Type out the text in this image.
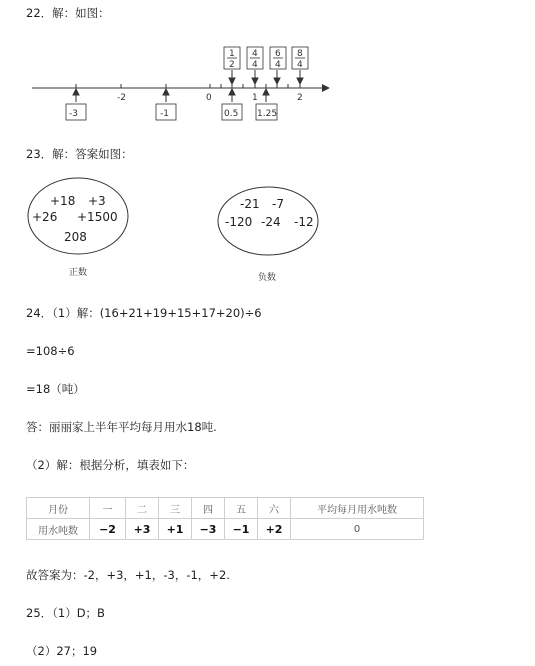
22．解：如图：
-2	0	1	2
-3	-1	0.5 1.25
1
2
4
4
6
4
8
4
23．解：答案如图：
+18 +3
+26 +1500
208
-21 -7
-120 -24 -12
正数	负数
24．（1）解：(16+21+19+15+17+20)÷6
=108÷6
=18（吨）
答：丽丽家上半年平均每月用水18吨.
（2）解：根据分析，填表如下：
月份	一	二	三	四	五	六	平均每月用水吨数
用水吨数	−2	+3	+1	−3	−1	+2	0
故答案为：-2，+3，+1，-3，-1，+2.
25．（1）D；B
（2）27；19
